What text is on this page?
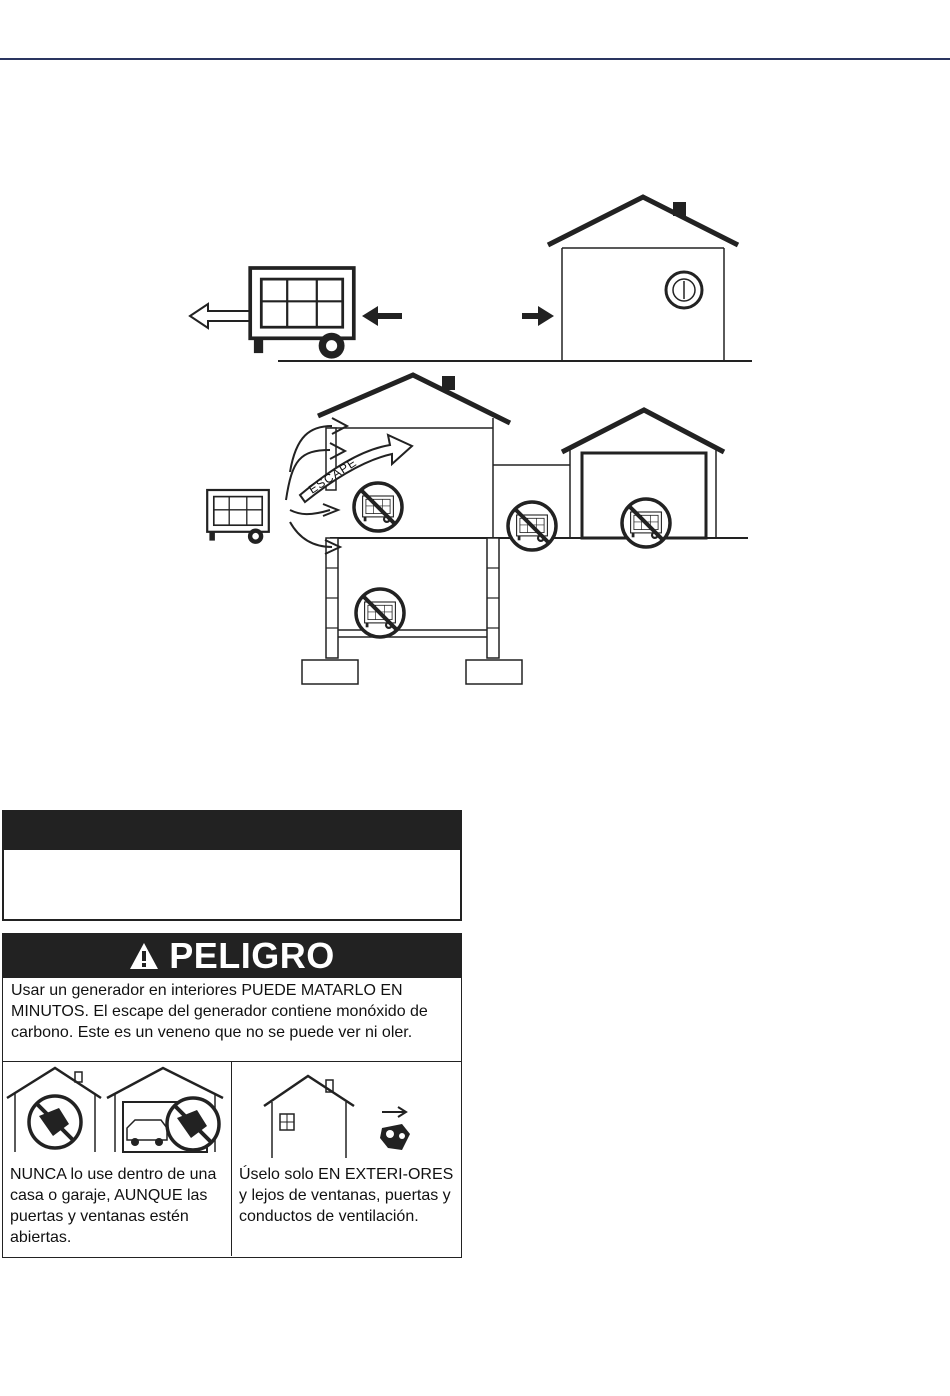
ESCAPE
PELIGRO
Usar un generador en interiores PUEDE MATARLO EN MINUTOS. El escape del generador contiene monóxido de carbono. Este es un veneno que no se puede ver ni oler.
NUNCA lo use dentro de una casa o garaje, AUNQUE las puertas y ventanas estén abiertas.
Úselo solo EN EXTERI-ORES y lejos de ventanas, puertas y conductos de ventilación.
